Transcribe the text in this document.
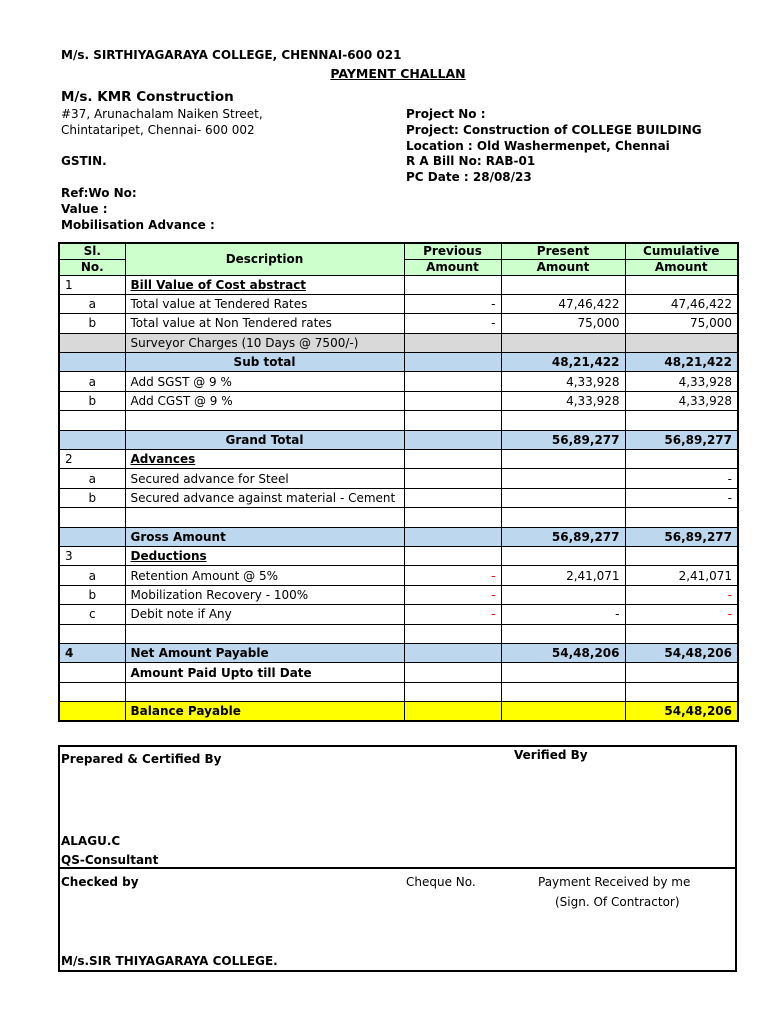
M/s. SIRTHIYAGARAYA COLLEGE, CHENNAI-600 021
PAYMENT CHALLAN
M/s. KMR Construction
#37, Arunachalam Naiken Street,
Chintataripet, Chennai- 600 002
GSTIN.
Ref:Wo No:
Value :
Mobilisation Advance :
Project No :
Project: Construction of COLLEGE BUILDING
Location : Old Washermenpet, Chennai
R A Bill No: RAB-01
PC Date : 28/08/23
Sl.	Description	Previous	Present	Cumulative
No.		Amount	Amount	Amount
1	Bill Value of Cost abstract			
a	Total value at Tendered Rates	-	47,46,422	47,46,422
b	Total value at Non Tendered rates	-	75,000	75,000
	Surveyor Charges (10 Days @ 7500/-)			
	Sub total		48,21,422	48,21,422
a	Add SGST @ 9 %		4,33,928	4,33,928
b	Add CGST @ 9 %		4,33,928	4,33,928

	Grand Total		56,89,277	56,89,277
2	Advances			
a	Secured advance for Steel			-
b	Secured advance against material - Cement			-

	Gross Amount		56,89,277	56,89,277
3	Deductions			
a	Retention Amount @ 5%	-	2,41,071	2,41,071
b	Mobilization Recovery - 100%	-		-
c	Debit note if Any	-	-	-

4	Net Amount Payable		54,48,206	54,48,206
	Amount Paid Upto till Date			

	Balance Payable			54,48,206
Prepared & Certified By	Verified By
ALAGU.C
QS-Consultant
Checked by	Cheque No.	Payment Received by me
(Sign. Of Contractor)
M/s.SIR THIYAGARAYA COLLEGE.
